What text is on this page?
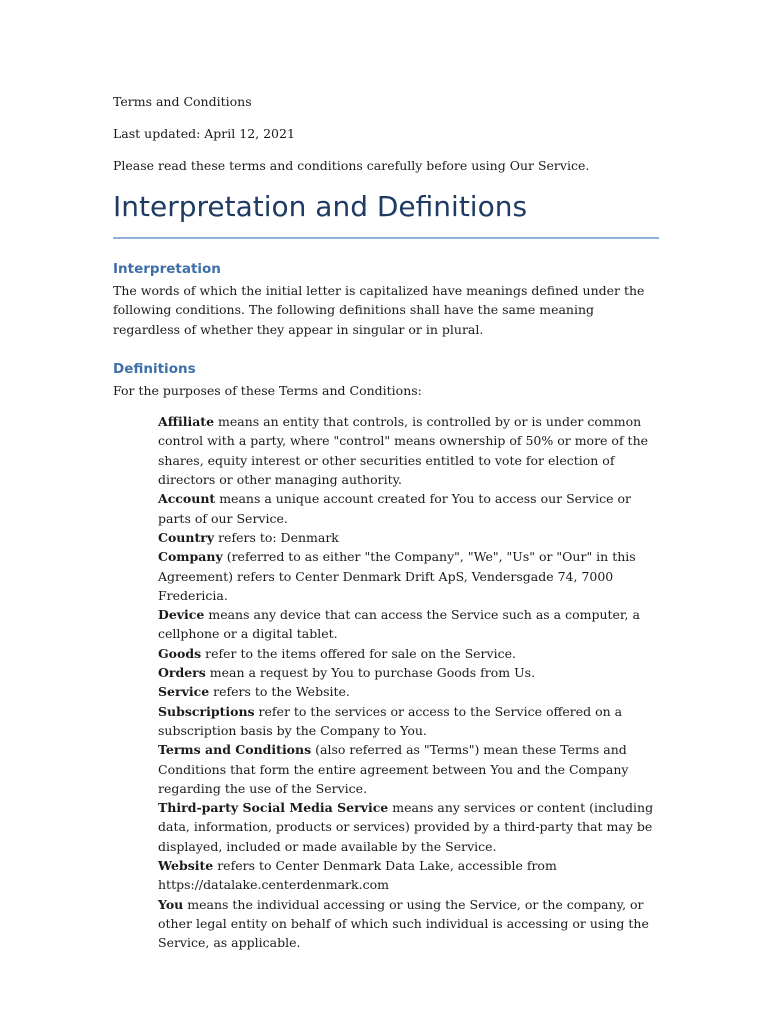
Terms and Conditions

Last updated: April 12, 2021

Please read these terms and conditions carefully before using Our Service.

Interpretation and Definitions
Interpretation

The words of which the initial letter is capitalized have meanings defined under the following conditions. The following definitions shall have the same meaning regardless of whether they appear in singular or in plural.

Definitions

For the purposes of these Terms and Conditions:

Affiliate means an entity that controls, is controlled by or is under common control with a party, where "control" means ownership of 50% or more of the shares, equity interest or other securities entitled to vote for election of directors or other managing authority.

Account means a unique account created for You to access our Service or parts of our Service.

Country refers to: Denmark

Company (referred to as either "the Company", "We", "Us" or "Our" in this Agreement) refers to Center Denmark Drift ApS, Vendersgade 74, 7000 Fredericia.

Device means any device that can access the Service such as a computer, a cellphone or a digital tablet.

Goods refer to the items offered for sale on the Service.

Orders mean a request by You to purchase Goods from Us.

Service refers to the Website.

Subscriptions refer to the services or access to the Service offered on a subscription basis by the Company to You.

Terms and Conditions (also referred as "Terms") mean these Terms and Conditions that form the entire agreement between You and the Company regarding the use of the Service.

Third-party Social Media Service means any services or content (including data, information, products or services) provided by a third-party that may be displayed, included or made available by the Service.

Website refers to Center Denmark Data Lake, accessible from https://datalake.centerdenmark.com

You means the individual accessing or using the Service, or the company, or other legal entity on behalf of which such individual is accessing or using the Service, as applicable.
